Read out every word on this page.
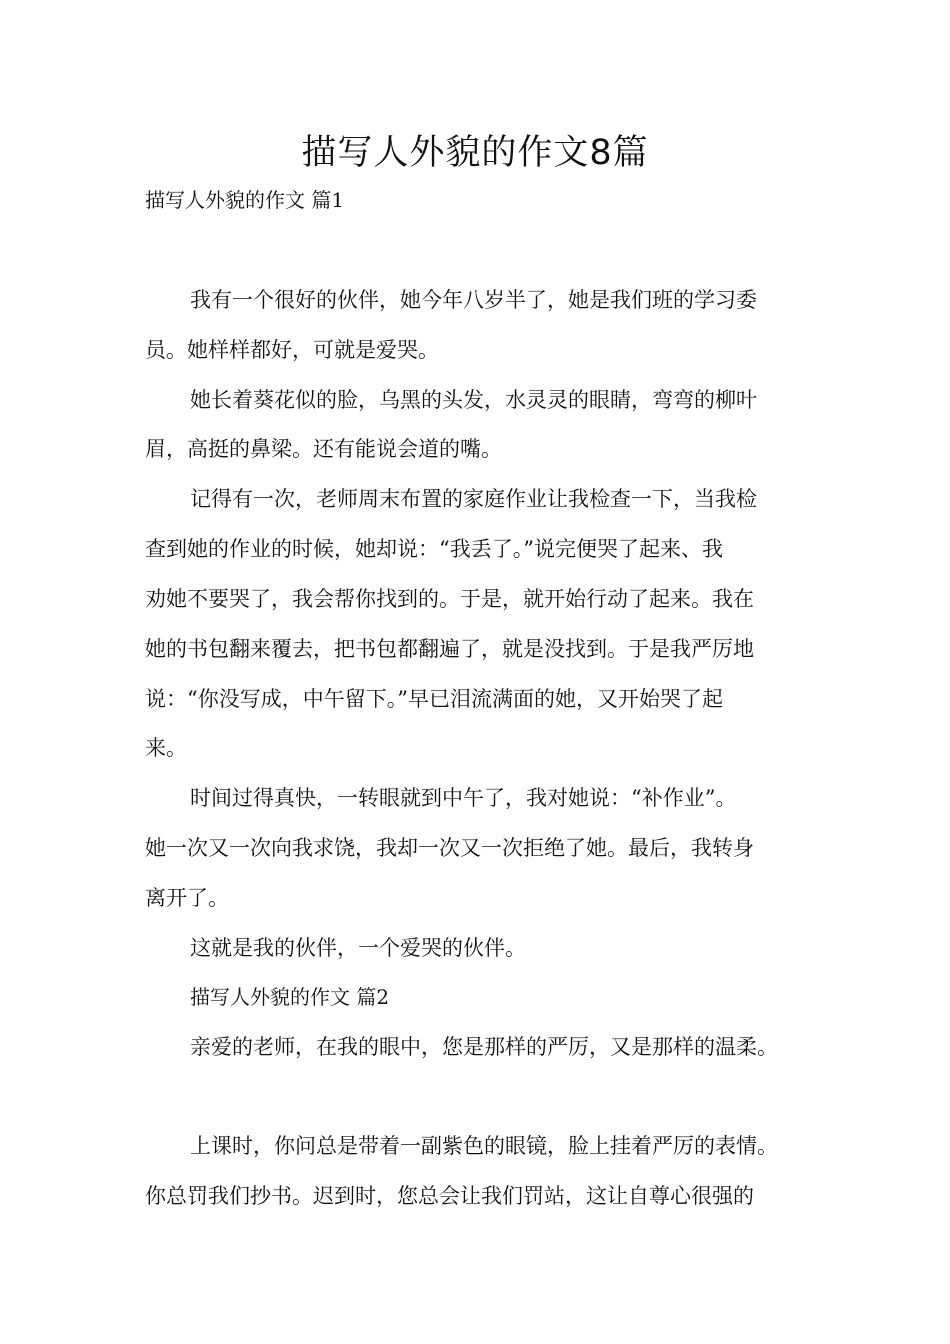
描写人外貌的作文8篇

描写人外貌的作文 篇1

我有一个很好的伙伴，她今年八岁半了，她是我们班的学习委

员。她样样都好，可就是爱哭。

她长着葵花似的脸，乌黑的头发，水灵灵的眼睛，弯弯的柳叶

眉，高挺的鼻梁。还有能说会道的嘴。

记得有一次，老师周末布置的家庭作业让我检查一下，当我检

查到她的作业的时候，她却说：“我丢了。”说完便哭了起来、我

劝她不要哭了，我会帮你找到的。于是，就开始行动了起来。我在

她的书包翻来覆去，把书包都翻遍了，就是没找到。于是我严厉地

说：“你没写成，中午留下。”早已泪流满面的她，又开始哭了起

来。

时间过得真快，一转眼就到中午了，我对她说：“补作业”。

她一次又一次向我求饶，我却一次又一次拒绝了她。最后，我转身

离开了。

这就是我的伙伴，一个爱哭的伙伴。

描写人外貌的作文 篇2

亲爱的老师，在我的眼中，您是那样的严厉，又是那样的温柔。

上课时，你问总是带着一副紫色的眼镜，脸上挂着严厉的表情。

你总罚我们抄书。迟到时，您总会让我们罚站，这让自尊心很强的
